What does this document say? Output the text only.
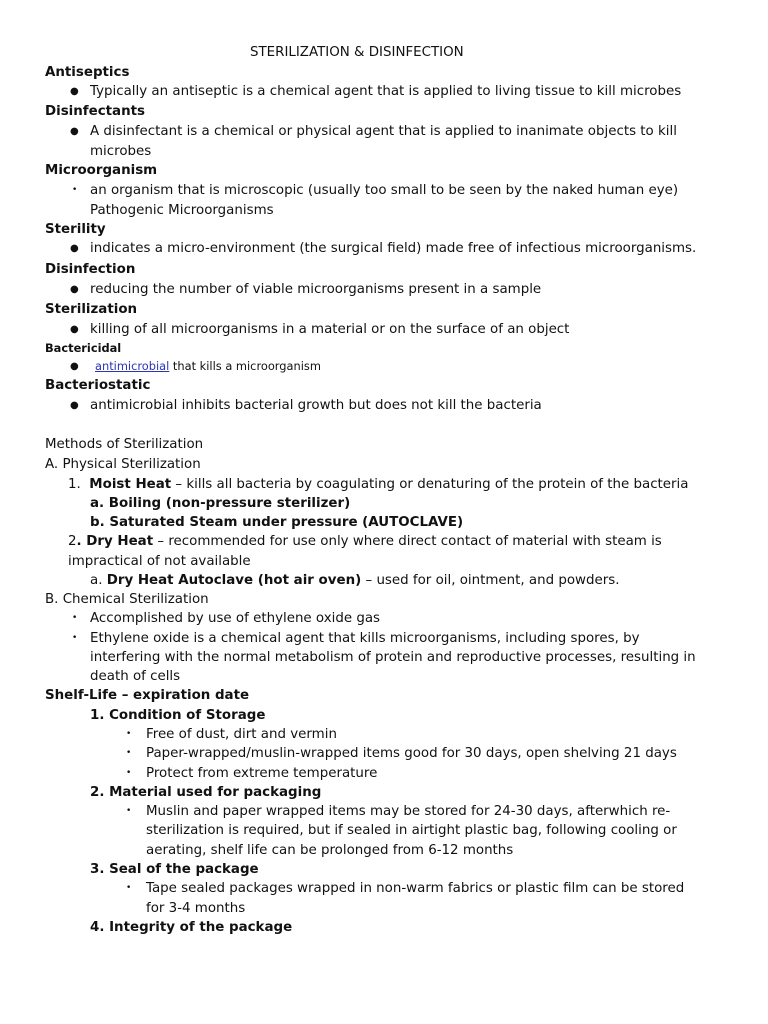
STERILIZATION & DISINFECTION
Antiseptics
● Typically an antiseptic is a chemical agent that is applied to living tissue to kill microbes
Disinfectants
● A disinfectant is a chemical or physical agent that is applied to inanimate objects to kill
microbes
Microorganism
• an organism that is microscopic (usually too small to be seen by the naked human eye)
Pathogenic Microorganisms
Sterility
● indicates a micro-environment (the surgical field) made free of infectious microorganisms.
Disinfection
● reducing the number of viable microorganisms present in a sample
Sterilization
● killing of all microorganisms in a material or on the surface of an object
Bactericidal
● antimicrobial that kills a microorganism
Bacteriostatic
● antimicrobial inhibits bacterial growth but does not kill the bacteria
Methods of Sterilization
A. Physical Sterilization
1. Moist Heat – kills all bacteria by coagulating or denaturing of the protein of the bacteria
a. Boiling (non-pressure sterilizer)
b. Saturated Steam under pressure (AUTOCLAVE)
2. Dry Heat – recommended for use only where direct contact of material with steam is
impractical of not available
a. Dry Heat Autoclave (hot air oven) – used for oil, ointment, and powders.
B. Chemical Sterilization
• Accomplished by use of ethylene oxide gas
• Ethylene oxide is a chemical agent that kills microorganisms, including spores, by
interfering with the normal metabolism of protein and reproductive processes, resulting in
death of cells
Shelf-Life – expiration date
1. Condition of Storage
• Free of dust, dirt and vermin
• Paper-wrapped/muslin-wrapped items good for 30 days, open shelving 21 days
• Protect from extreme temperature
2. Material used for packaging
• Muslin and paper wrapped items may be stored for 24-30 days, afterwhich re-
sterilization is required, but if sealed in airtight plastic bag, following cooling or
aerating, shelf life can be prolonged from 6-12 months
3. Seal of the package
• Tape sealed packages wrapped in non-warm fabrics or plastic film can be stored
for 3-4 months
4. Integrity of the package
